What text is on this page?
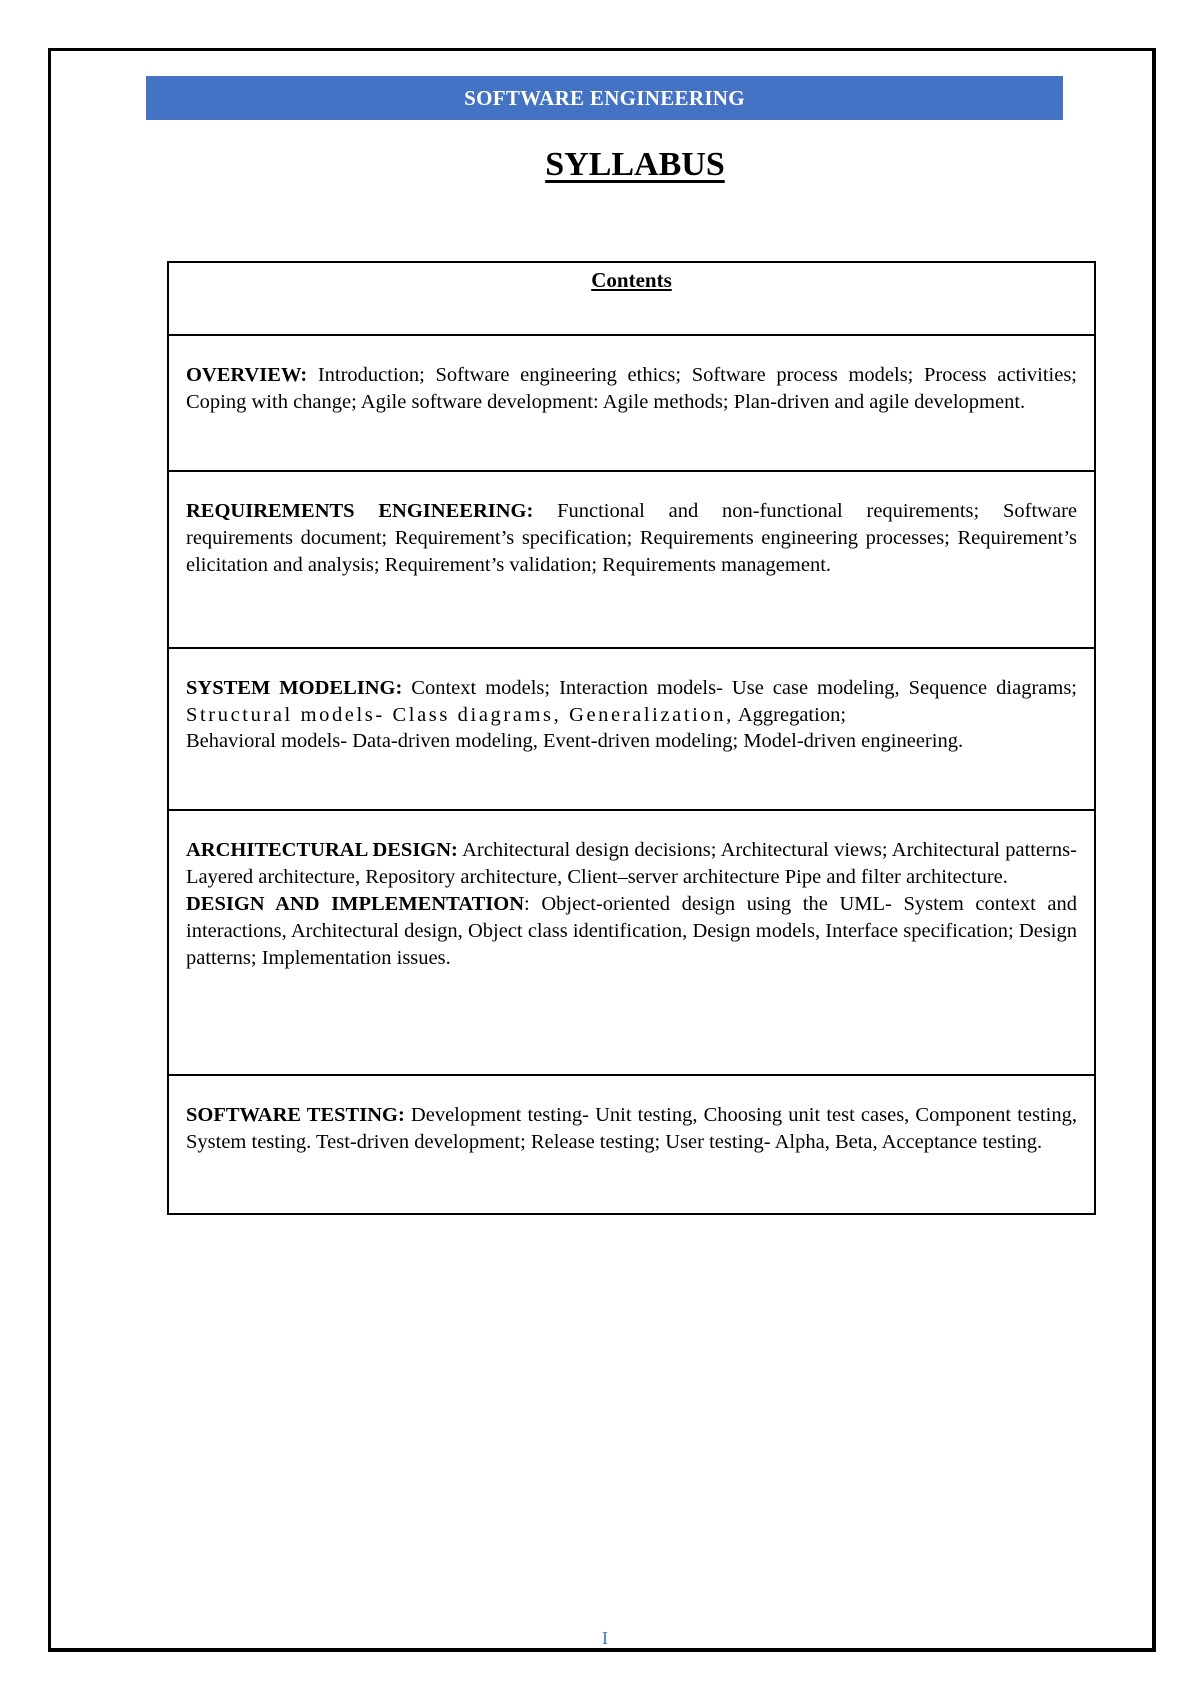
SOFTWARE ENGINEERING
SYLLABUS
Contents
OVERVIEW: Introduction; Software engineering ethics; Software process models; Process activities; Coping with change; Agile software development: Agile methods; Plan-driven and agile development.
REQUIREMENTS ENGINEERING: Functional and non-functional requirements; Software requirements document; Requirement’s specification; Requirements engineering processes; Requirement’s elicitation and analysis; Requirement’s validation; Requirements management.
SYSTEM MODELING: Context models; Interaction models- Use case modeling, Sequence diagrams; Structural models- Class diagrams, Generalization, Aggregation;
Behavioral models- Data-driven modeling, Event-driven modeling; Model-driven engineering.
ARCHITECTURAL DESIGN: Architectural design decisions; Architectural views; Architectural patterns- Layered architecture, Repository architecture, Client–server architecture Pipe and filter architecture.
DESIGN AND IMPLEMENTATION: Object-oriented design using the UML- System context and interactions, Architectural design, Object class identification, Design models, Interface specification; Design patterns; Implementation issues.
SOFTWARE TESTING: Development testing- Unit testing, Choosing unit test cases, Component testing, System testing. Test-driven development; Release testing; User testing- Alpha, Beta, Acceptance testing.
I
